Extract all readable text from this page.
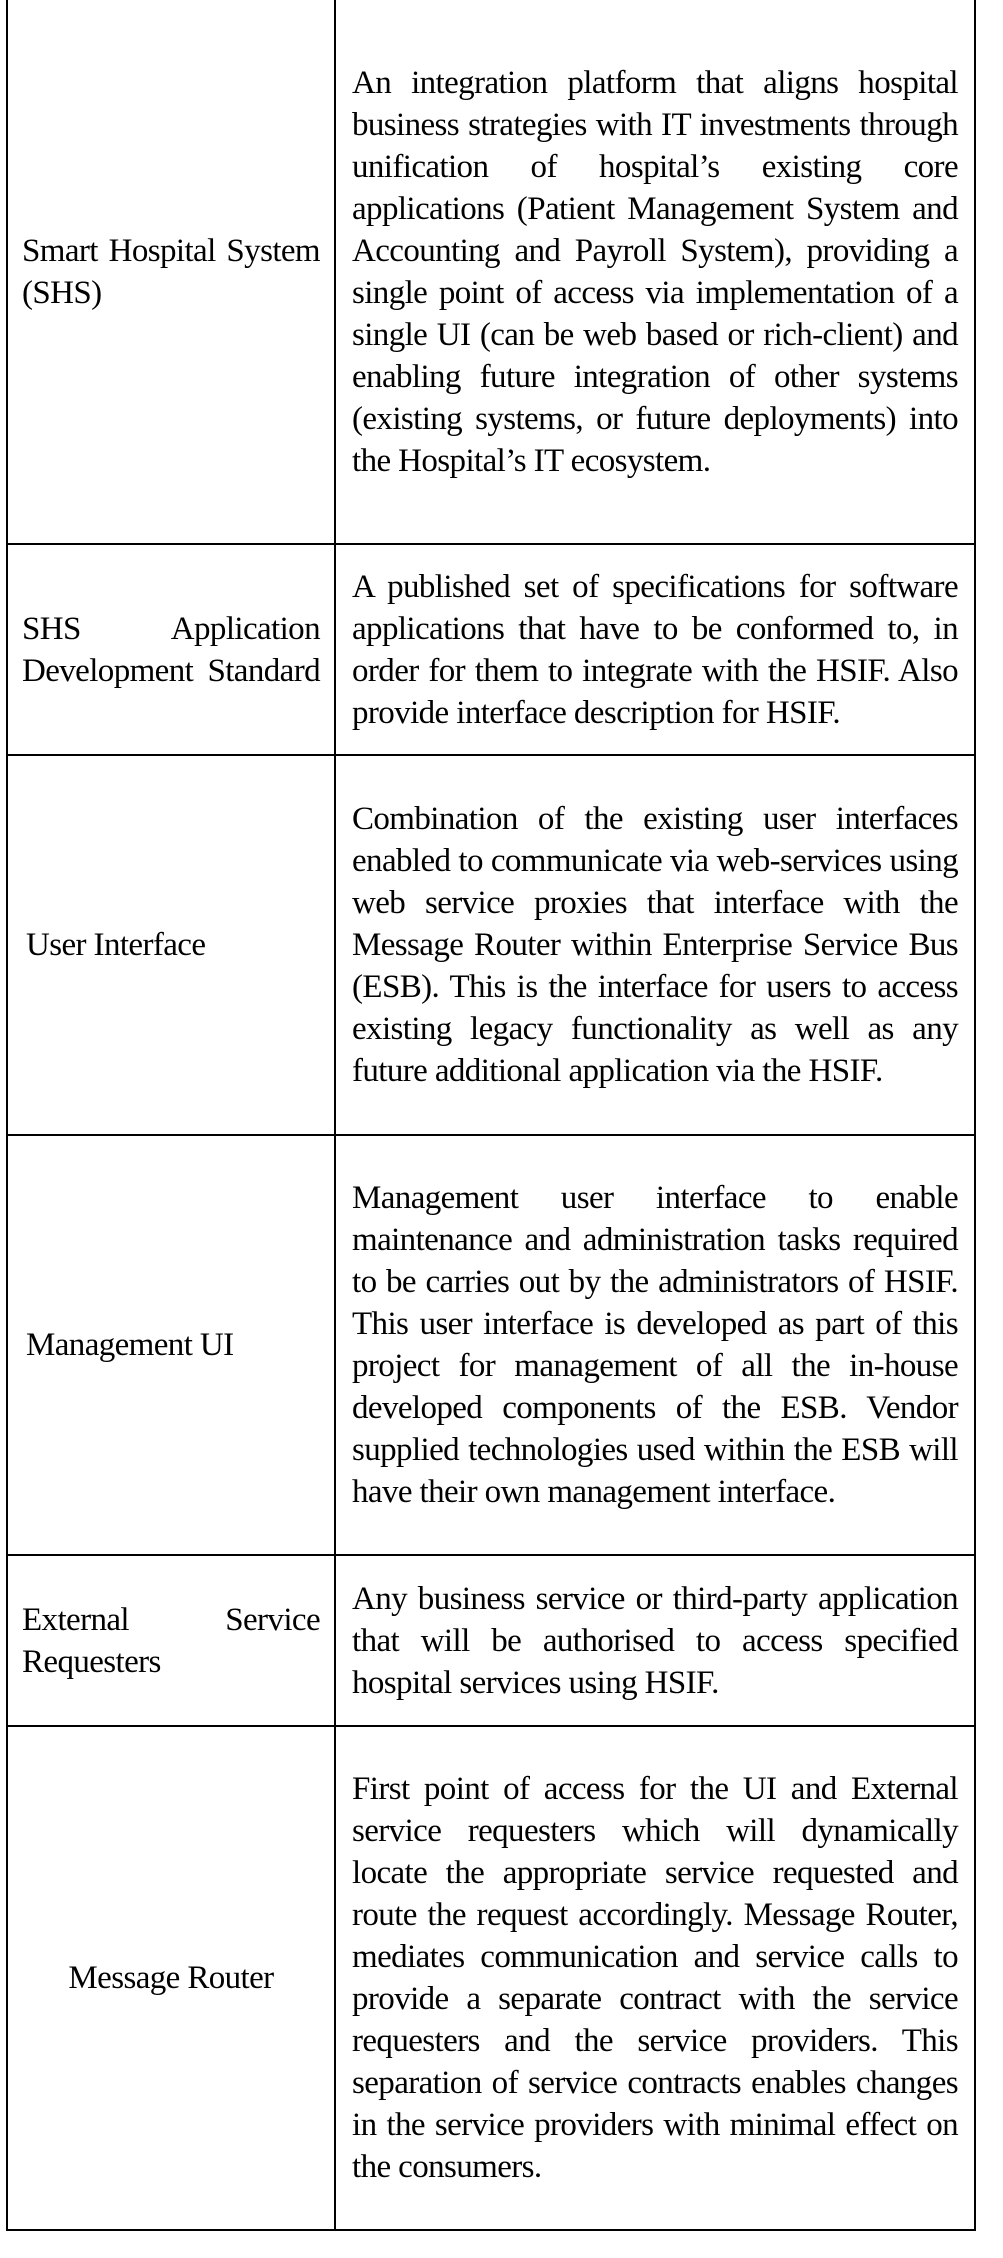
Smart Hospital System (SHS)	An integration platform that aligns hospital business strategies with IT investments through unification of hospital’s existing core applications (Patient Management System and Accounting and Payroll System), providing a single point of access via implementation of a single UI (can be web based or rich-client) and enabling future integration of other systems (existing systems, or future deployments) into the Hospital’s IT ecosystem.
SHS Application Development Standard	A published set of specifications for software applications that have to be conformed to, in order for them to integrate with the HSIF. Also provide interface description for HSIF.
User Interface	Combination of the existing user interfaces enabled to communicate via web-services using web service proxies that interface with the Message Router within Enterprise Service Bus (ESB). This is the interface for users to access existing legacy functionality as well as any future additional application via the HSIF.
Management UI	Management user interface to enable maintenance and administration tasks required to be carries out by the administrators of HSIF. This user interface is developed as part of this project for management of all the in-house developed components of the ESB. Vendor supplied technologies used within the ESB will have their own management interface.
External Service Requesters	Any business service or third-party application that will be authorised to access specified hospital services using HSIF.
Message Router	First point of access for the UI and External service requesters which will dynamically locate the appropriate service requested and route the request accordingly. Message Router, mediates communication and service calls to provide a separate contract with the service requesters and the service providers. This separation of service contracts enables changes in the service providers with minimal effect on the consumers.
